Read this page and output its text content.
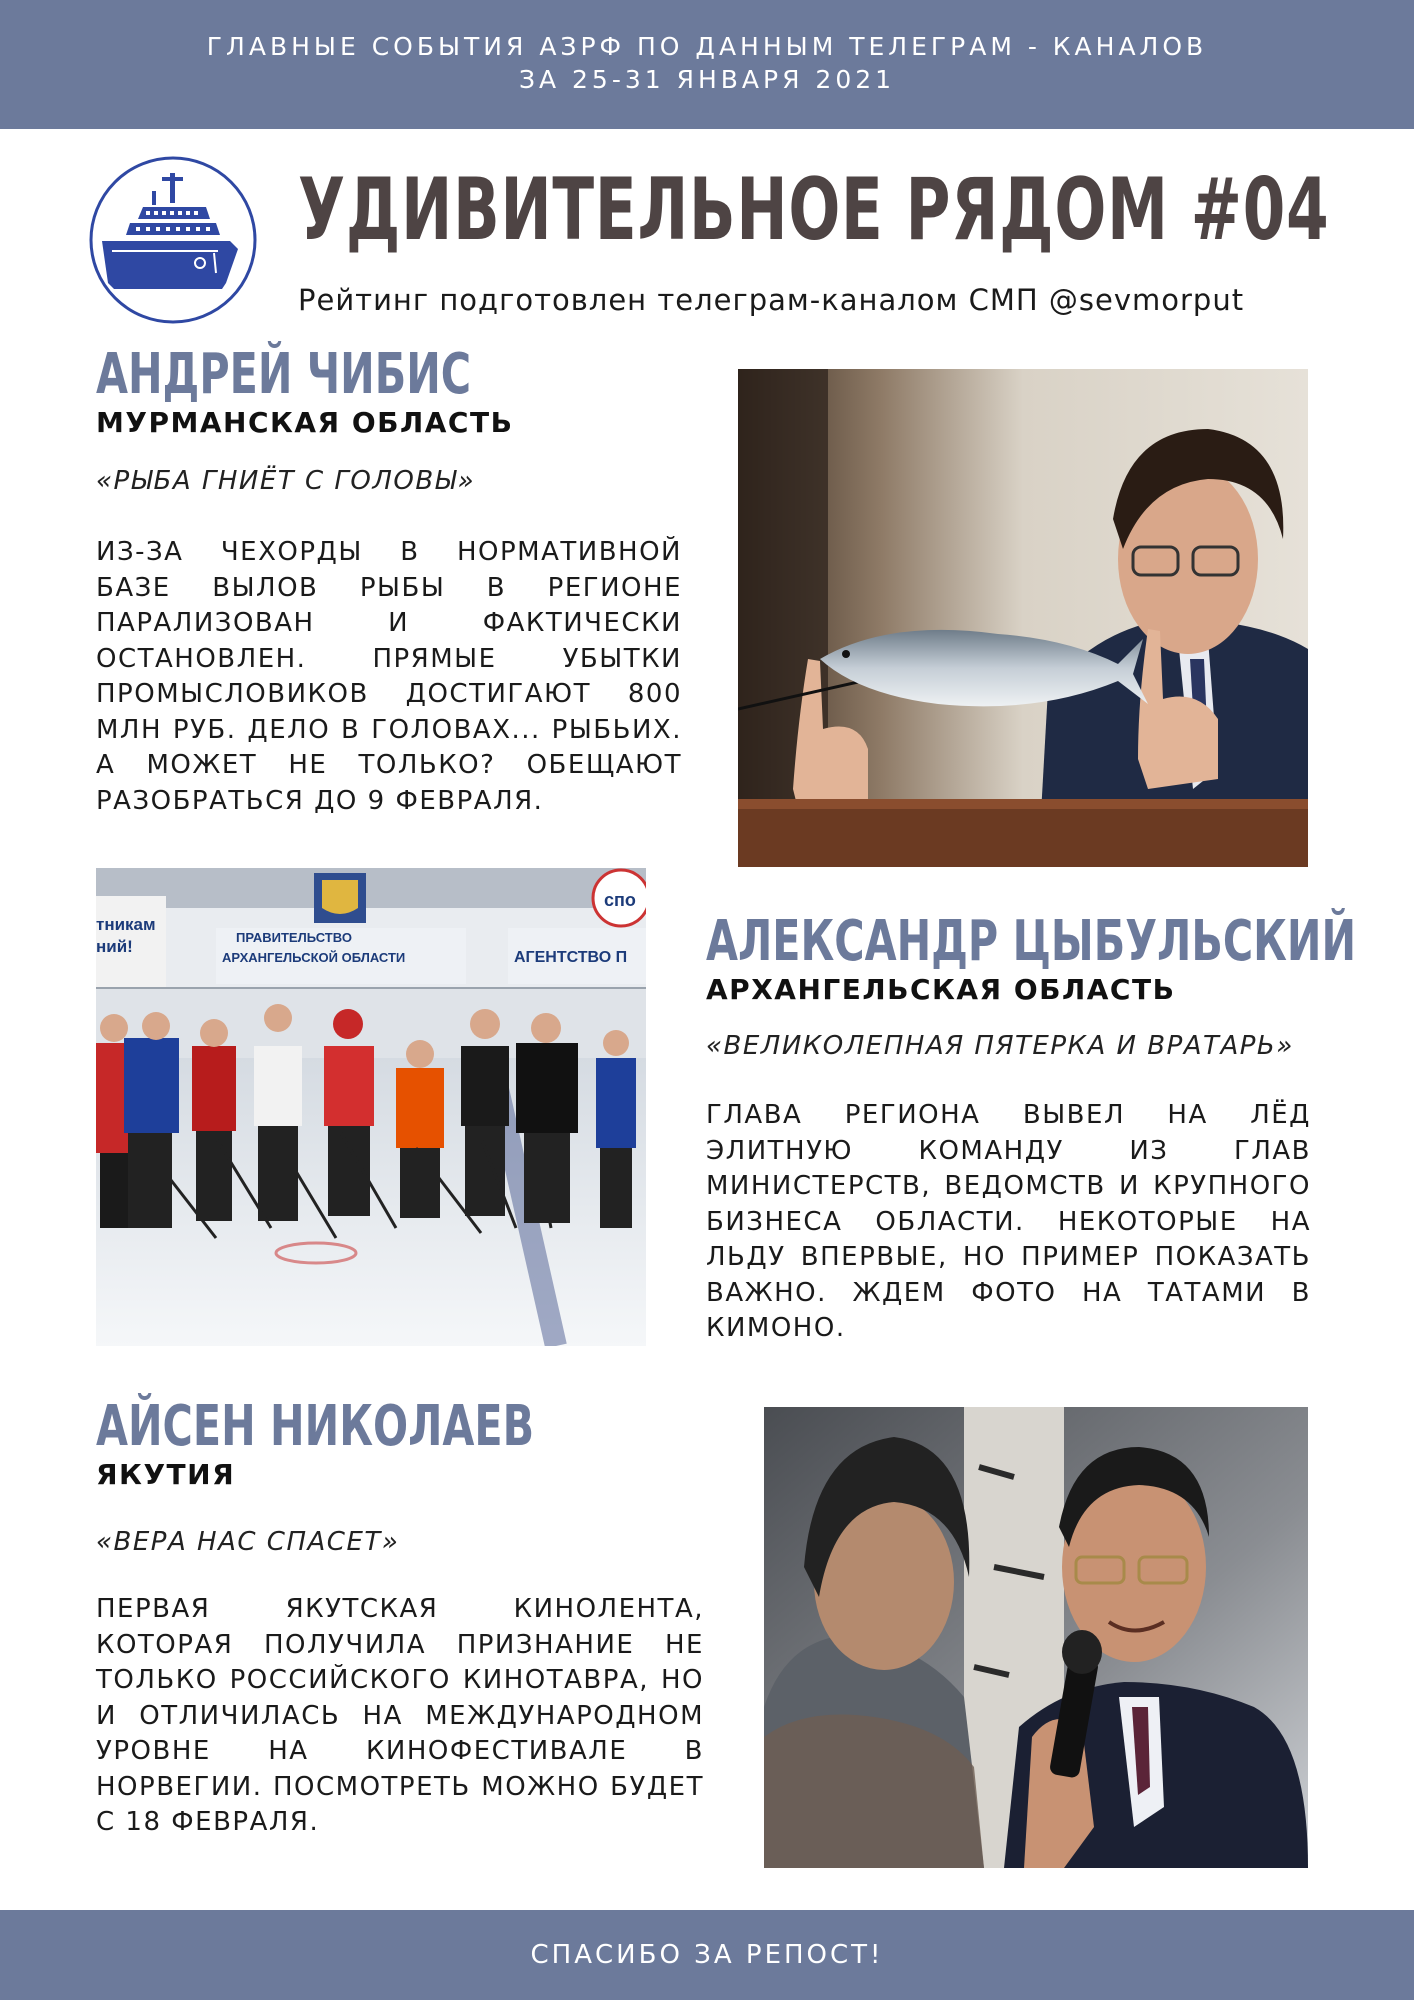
ГЛАВНЫЕ СОБЫТИЯ АЗРФ ПО ДАННЫМ ТЕЛЕГРАМ - КАНАЛОВ
ЗА 25-31 ЯНВАРЯ 2021
УДИВИТЕЛЬНОЕ РЯДОМ #04
Рейтинг подготовлен телеграм-каналом СМП @sevmorput
АНДРЕЙ ЧИБИС
МУРМАНСКАЯ ОБЛАСТЬ
«РЫБА ГНИЁТ С ГОЛОВЫ»
ИЗ-ЗА ЧЕХОРДЫ В НОРМАТИВНОЙ БАЗЕ ВЫЛОВ РЫБЫ В РЕГИОНЕ ПАРАЛИЗОВАН И ФАКТИЧЕСКИ ОСТАНОВЛЕН. ПРЯМЫЕ УБЫТКИ ПРОМЫСЛОВИКОВ ДОСТИГАЮТ 800 МЛН РУБ. ДЕЛО В ГОЛОВАХ... РЫБЬИХ. А МОЖЕТ НЕ ТОЛЬКО? ОБЕЩАЮТ РАЗОБРАТЬСЯ ДО 9 ФЕВРАЛЯ.
спо
тникам
ний!	ПРАВИТЕЛЬСТВО
АРХАНГЕЛЬСКОЙ ОБЛАСТИ	АГЕНТСТВО П АЛЕКСАНДР ЦЫБУЛЬСКИЙ
АРХАНГЕЛЬСКАЯ ОБЛАСТЬ
«ВЕЛИКОЛЕПНАЯ ПЯТЕРКА И ВРАТАРЬ»
ГЛАВА РЕГИОНА ВЫВЕЛ НА ЛЁД ЭЛИТНУЮ КОМАНДУ ИЗ ГЛАВ МИНИСТЕРСТВ, ВЕДОМСТВ И КРУПНОГО БИЗНЕСА ОБЛАСТИ. НЕКОТОРЫЕ НА ЛЬДУ ВПЕРВЫЕ, НО ПРИМЕР ПОКАЗАТЬ ВАЖНО. ЖДЕМ ФОТО НА ТАТАМИ В КИМОНО.
АЙСЕН НИКОЛАЕВ
ЯКУТИЯ
«ВЕРА НАС СПАСЕТ»
ПЕРВАЯ ЯКУТСКАЯ КИНОЛЕНТА, КОТОРАЯ ПОЛУЧИЛА ПРИЗНАНИЕ НЕ ТОЛЬКО РОССИЙСКОГО КИНОТАВРА, НО И ОТЛИЧИЛАСЬ НА МЕЖДУНАРОДНОМ УРОВНЕ НА КИНОФЕСТИВАЛЕ В НОРВЕГИИ. ПОСМОТРЕТЬ МОЖНО БУДЕТ С 18 ФЕВРАЛЯ.
СПАСИБО ЗА РЕПОСТ!
